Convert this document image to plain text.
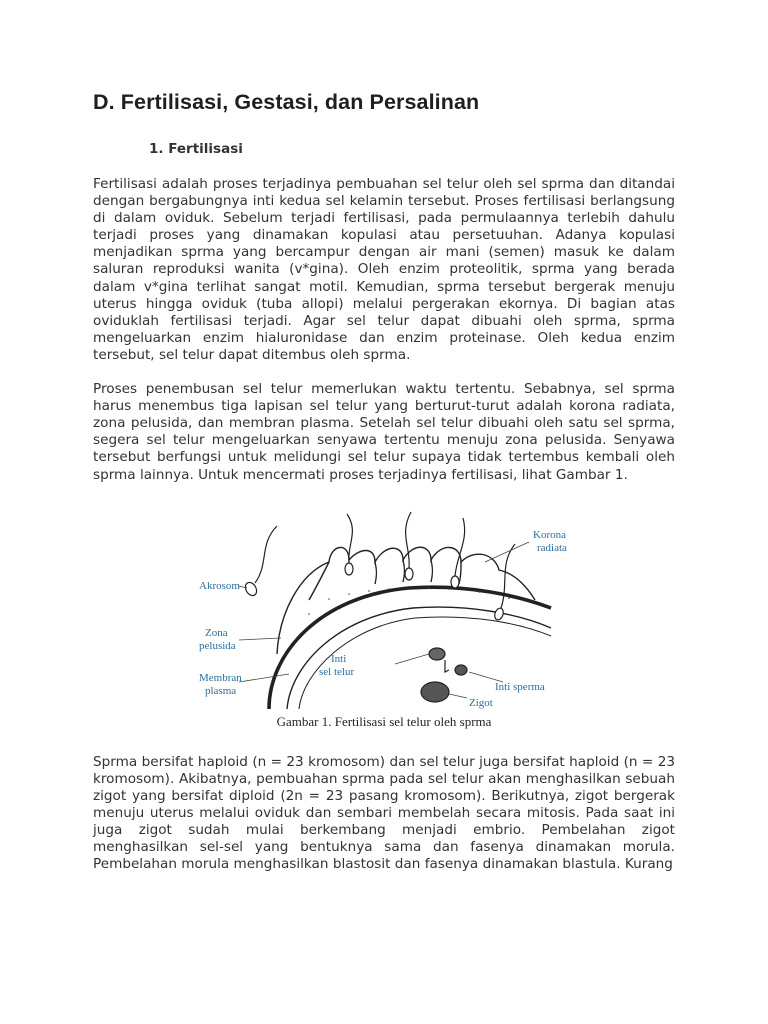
D. Fertilisasi, Gestasi, dan Persalinan
1. Fertilisasi

Fertilisasi adalah proses terjadinya pembuahan sel telur oleh sel sprma dan ditandai dengan bergabungnya inti kedua sel kelamin tersebut. Proses fertilisasi berlangsung di dalam oviduk. Sebelum terjadi fertilisasi, pada permulaannya terlebih dahulu terjadi proses yang dinamakan kopulasi atau persetuuhan. Adanya kopulasi menjadikan sprma yang bercampur dengan air mani (semen) masuk ke dalam saluran reproduksi wanita (v*gina). Oleh enzim proteolitik, sprma yang berada dalam v*gina terlihat sangat motil. Kemudian, sprma tersebut bergerak menuju uterus hingga oviduk (tuba allopi) melalui pergerakan ekornya. Di bagian atas oviduklah fertilisasi terjadi. Agar sel telur dapat dibuahi oleh sprma, sprma mengeluarkan enzim hialuronidase dan enzim proteinase. Oleh kedua enzim tersebut, sel telur dapat ditembus oleh sprma.

Proses penembusan sel telur memerlukan waktu tertentu. Sebabnya, sel sprma harus menembus tiga lapisan sel telur yang berturut-turut adalah korona radiata, zona pelusida, dan membran plasma. Setelah sel telur dibuahi oleh satu sel sprma, segera sel telur mengeluarkan senyawa tertentu menuju zona pelusida. Senyawa tersebut berfungsi untuk melidungi sel telur supaya tidak tertembus kembali oleh sprma lainnya. Untuk mencermati proses terjadinya fertilisasi, lihat Gambar 1.

Akrosom
Korona
radiata
Zona
pelusida
Inti
sel telur
Membran
plasma	Inti sperma
Zigot
Gambar 1. Fertilisasi sel telur oleh sprma

Sprma bersifat haploid (n = 23 kromosom) dan sel telur juga bersifat haploid (n = 23 kromosom). Akibatnya, pembuahan sprma pada sel telur akan menghasilkan sebuah zigot yang bersifat diploid (2n = 23 pasang kromosom). Berikutnya, zigot bergerak menuju uterus melalui oviduk dan sembari membelah secara mitosis. Pada saat ini juga zigot sudah mulai berkembang menjadi embrio. Pembelahan zigot menghasilkan sel-sel yang bentuknya sama dan fasenya dinamakan morula. Pembelahan morula menghasilkan blastosit dan fasenya dinamakan blastula. Kurang
